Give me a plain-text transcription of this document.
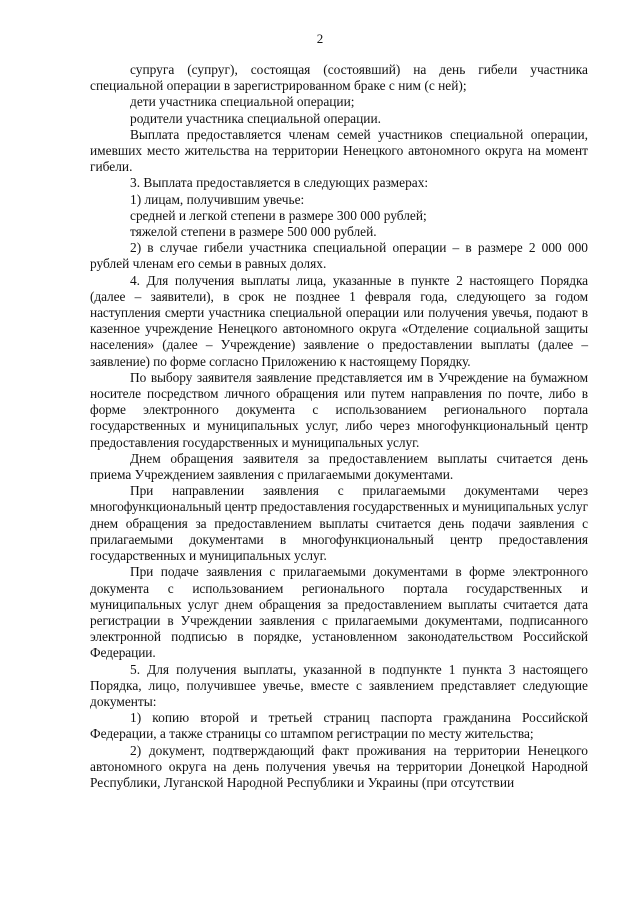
2

супруга (супруг), состоящая (состоявший) на день гибели участника специальной операции в зарегистрированном браке с ним (с ней);

дети участника специальной операции;

родители участника специальной операции.

Выплата предоставляется членам семей участников специальной операции, имевших место жительства на территории Ненецкого автономного округа на момент гибели.

3. Выплата предоставляется в следующих размерах:

1) лицам, получившим увечье:

средней и легкой степени в размере 300 000 рублей;

тяжелой степени в размере 500 000 рублей.

2) в случае гибели участника специальной операции – в размере 2 000 000 рублей членам его семьи в равных долях.

4. Для получения выплаты лица, указанные в пункте 2 настоящего Порядка (далее – заявители), в срок не позднее 1 февраля года, следующего за годом наступления смерти участника специальной операции или получения увечья, подают в казенное учреждение Ненецкого автономного округа «Отделение социальной защиты населения» (далее – Учреждение) заявление о предоставлении выплаты (далее – заявление) по форме согласно Приложению к настоящему Порядку.

По выбору заявителя заявление представляется им в Учреждение на бумажном носителе посредством личного обращения или путем направления по почте, либо в форме электронного документа с использованием регионального портала государственных и муниципальных услуг, либо через многофункциональный центр предоставления государственных и муниципальных услуг.

Днем обращения заявителя за предоставлением выплаты считается день приема Учреждением заявления с прилагаемыми документами.

При направлении заявления с прилагаемыми документами через многофункциональный центр предоставления государственных и муниципальных услуг днем обращения за предоставлением выплаты считается день подачи заявления с прилагаемыми документами в многофункциональный центр предоставления государственных и муниципальных услуг.

При подаче заявления с прилагаемыми документами в форме электронного документа с использованием регионального портала государственных и муниципальных услуг днем обращения за предоставлением выплаты считается дата регистрации в Учреждении заявления с прилагаемыми документами, подписанного электронной подписью в порядке, установленном законодательством Российской Федерации.

5. Для получения выплаты, указанной в подпункте 1 пункта 3 настоящего Порядка, лицо, получившее увечье, вместе с заявлением представляет следующие документы:

1) копию второй и третьей страниц паспорта гражданина Российской Федерации, а также страницы со штампом регистрации по месту жительства;

2) документ, подтверждающий факт проживания на территории Ненецкого автономного округа на день получения увечья на территории Донецкой Народной Республики, Луганской Народной Республики и Украины (при отсутствии
